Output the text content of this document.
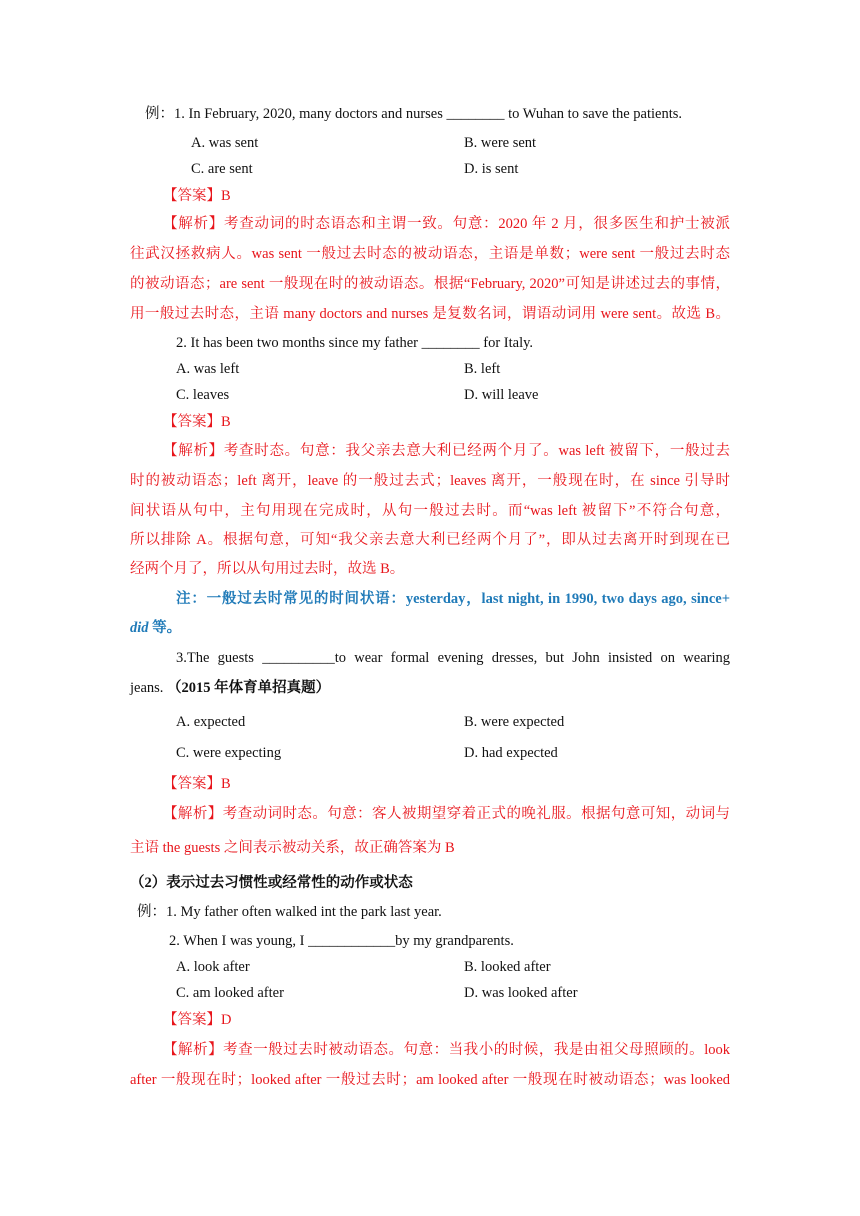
例：1. In February, 2020, many doctors and nurses ________ to Wuhan to save the patients.
A. was sent	B. were sent
C. are sent	D. is sent
【答案】B
【解析】考查动词的时态语态和主谓一致。句意：2020 年 2 月，很多医生和护士被派
往武汉拯救病人。was sent 一般过去时态的被动语态，主语是单数；were sent 一般过去时态
的被动语态；are sent 一般现在时的被动语态。根据“February, 2020”可知是讲述过去的事情，
用一般过去时态，主语 many doctors and nurses 是复数名词，谓语动词用 were sent。故选 B。
2. It has been two months since my father ________ for Italy.
A. was left	B. left
C. leaves	D. will leave
【答案】B
【解析】考查时态。句意：我父亲去意大利已经两个月了。was left 被留下，一般过去
时的被动语态；left 离开，leave 的一般过去式；leaves 离开，一般现在时，在 since 引导时
间状语从句中，主句用现在完成时，从句一般过去时。而“was left 被留下”不符合句意，
所以排除 A。根据句意，可知“我父亲去意大利已经两个月了”，即从过去离开时到现在已
经两个月了，所以从句用过去时，故选 B。
注：一般过去时常见的时间状语：yesterday，last night, in 1990, two days ago, since+
did 等。
3.The guests __________to wear formal evening dresses, but John insisted on wearing
jeans. （2015 年体育单招真题）
A. expected	B. were expected
C. were expecting	D. had expected
【答案】B
【解析】考查动词时态。句意：客人被期望穿着正式的晚礼服。根据句意可知，动词与
主语 the guests 之间表示被动关系，故正确答案为 B
（2）表示过去习惯性或经常性的动作或状态
例：1. My father often walked int the park last year.
2. When I was young, I ____________by my grandparents.
A. look after	B. looked after
C. am looked after	D. was looked after
【答案】D
【解析】考查一般过去时被动语态。句意：当我小的时候，我是由祖父母照顾的。look
after 一般现在时；looked after 一般过去时；am looked after 一般现在时被动语态；was looked
